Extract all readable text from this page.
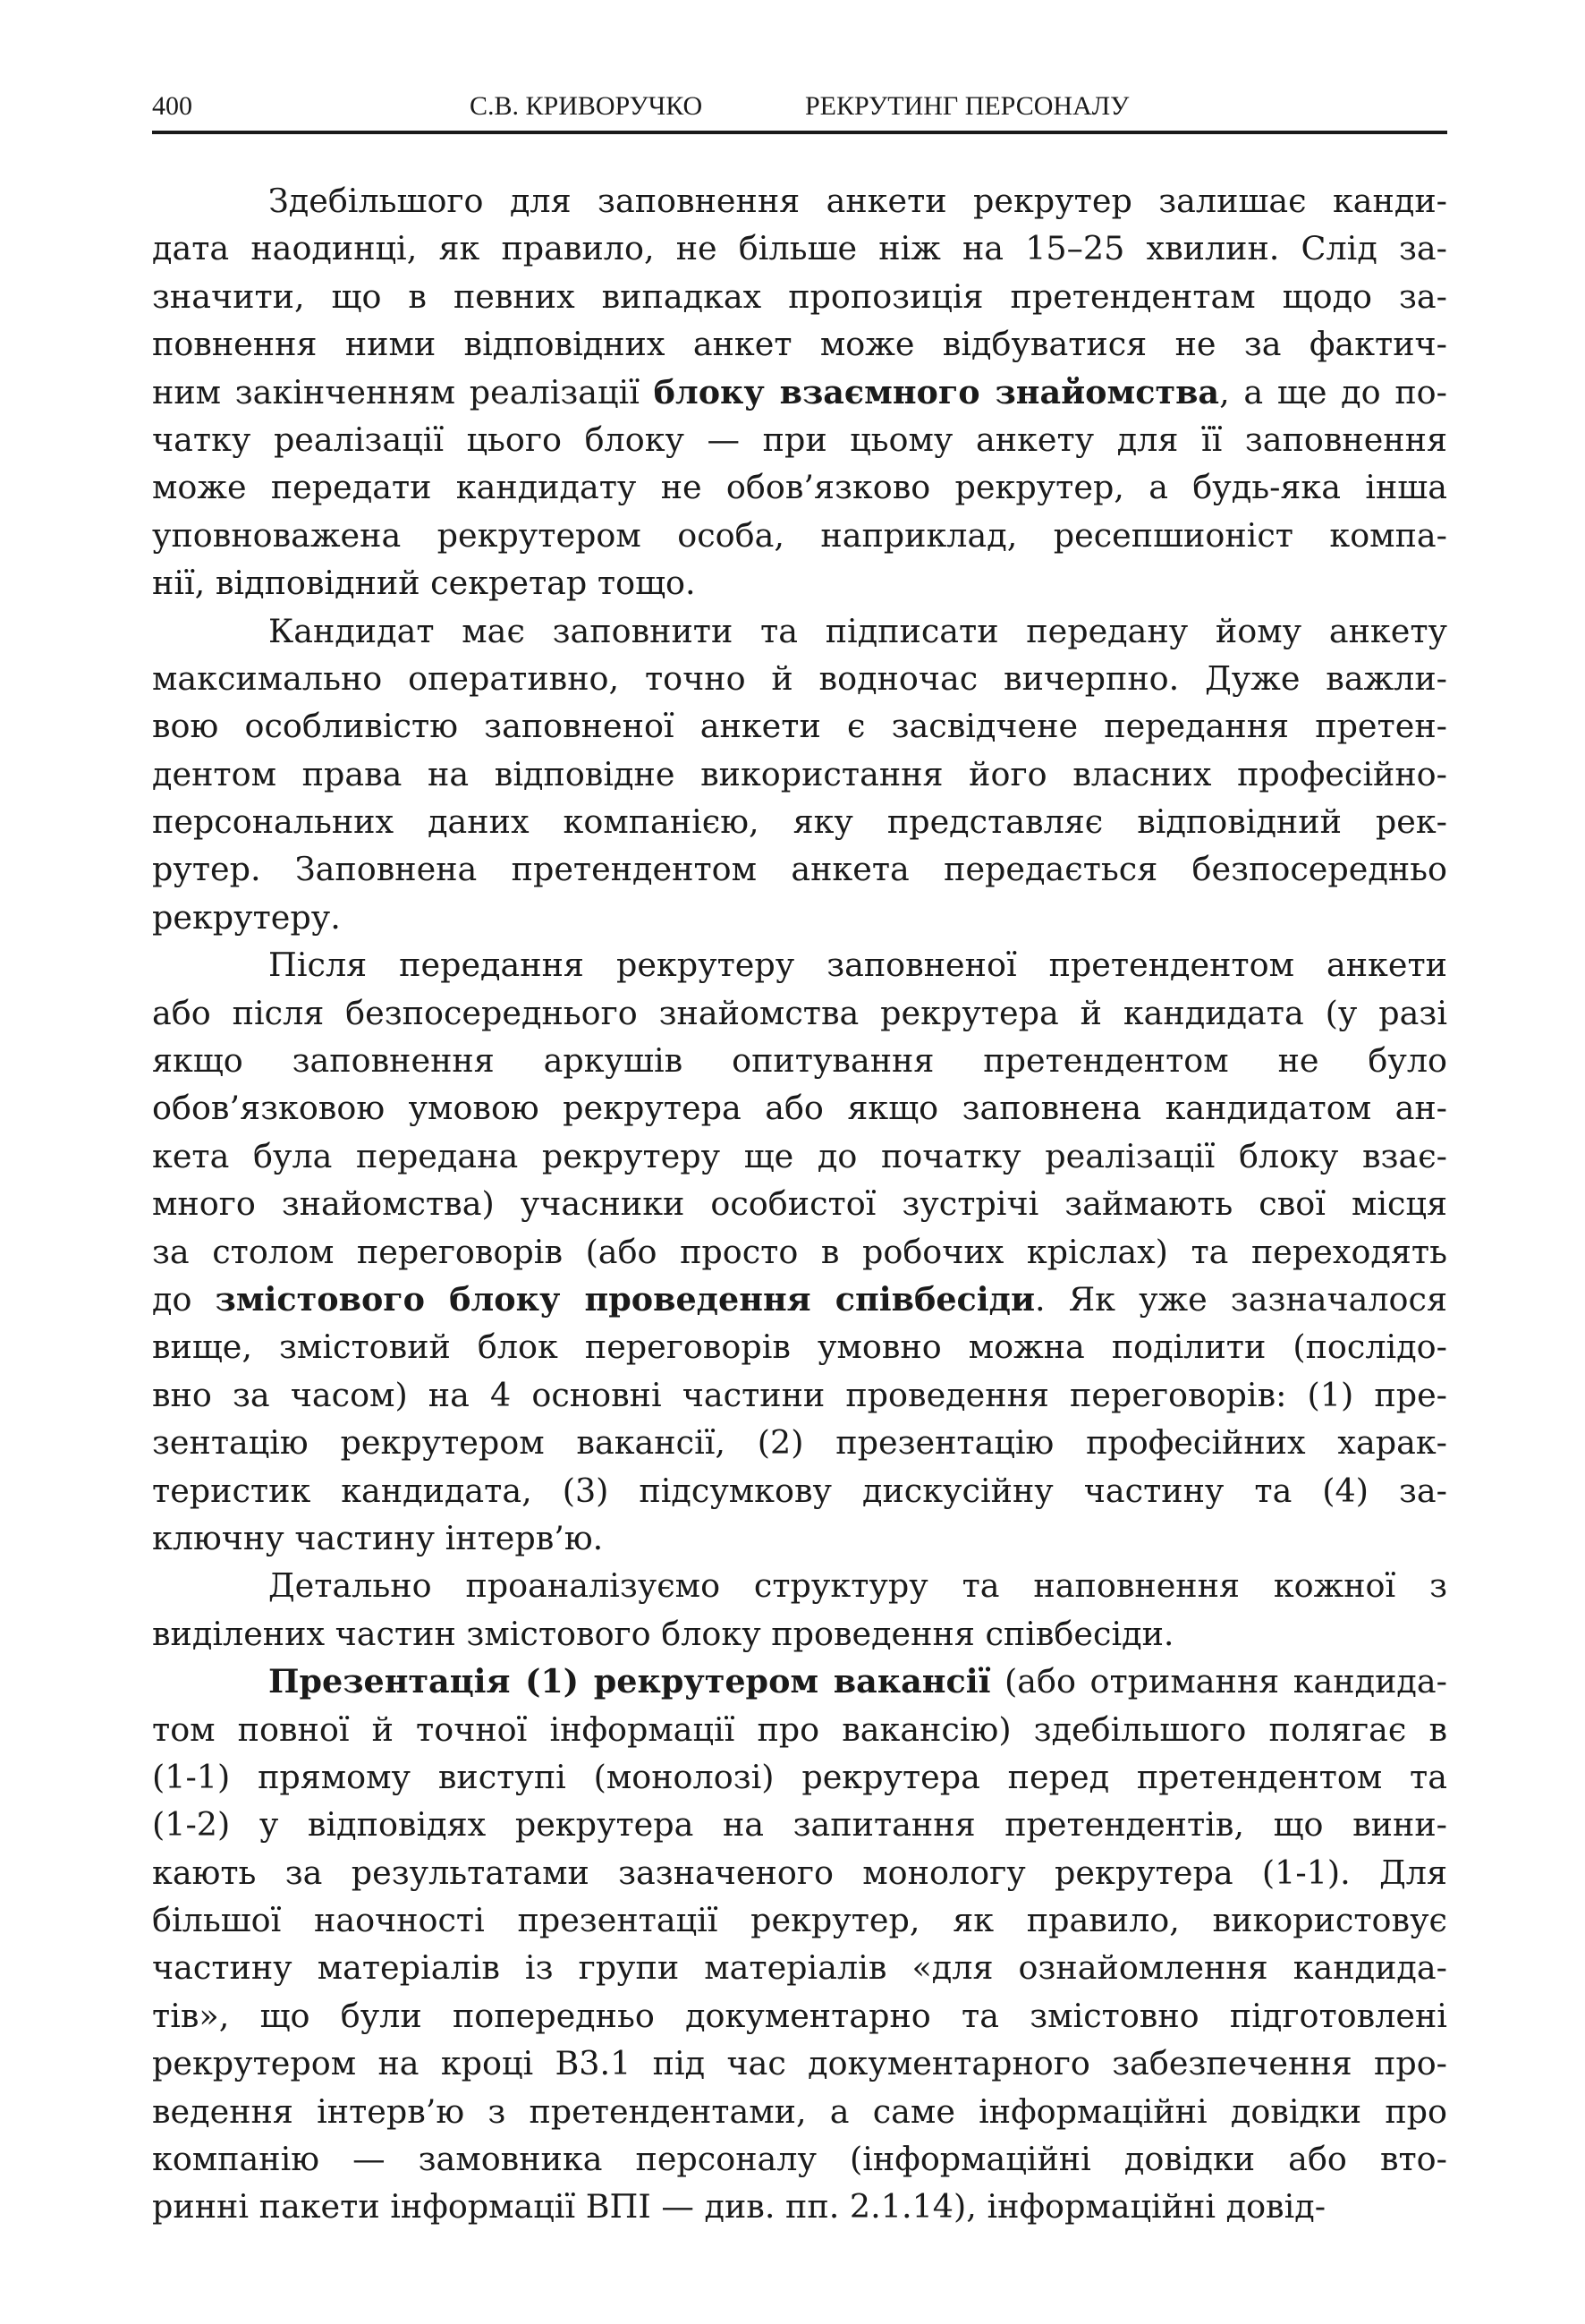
400	С.В. КРИВОРУЧКО	РЕКРУТИНГ ПЕРСОНАЛУ
Здебільшого для заповнення анкети рекрутер залишає канди-
дата наодинці, як правило, не більше ніж на 15–25 хвилин. Слід за-
значити, що в певних випадках пропозиція претендентам щодо за-
повнення ними відповідних анкет може відбуватися не за фактич-
ним закінченням реалізації блоку взаємного знайомства, а ще до по-
чатку реалізації цього блоку — при цьому анкету для її заповнення
може передати кандидату не обов’язково рекрутер, а будь-яка інша
уповноважена рекрутером особа, наприклад, ресепшионіст компа-
нії, відповідний секретар тощо.
Кандидат має заповнити та підписати передану йому анкету
максимально оперативно, точно й водночас вичерпно. Дуже важли-
вою особливістю заповненої анкети є засвідчене передання претен-
дентом права на відповідне використання його власних професійно-
персональних даних компанією, яку представляє відповідний рек-
рутер. Заповнена претендентом анкета передається безпосередньо
рекрутеру.
Після передання рекрутеру заповненої претендентом анкети
або після безпосереднього знайомства рекрутера й кандидата (у разі
якщо заповнення аркушів опитування претендентом не було
обов’язковою умовою рекрутера або якщо заповнена кандидатом ан-
кета була передана рекрутеру ще до початку реалізації блоку взає-
много знайомства) учасники особистої зустрічі займають свої місця
за столом переговорів (або просто в робочих кріслах) та переходять
до змістового блоку проведення співбесіди. Як уже зазначалося
вище, змістовий блок переговорів умовно можна поділити (послідо-
вно за часом) на 4 основні частини проведення переговорів: (1) пре-
зентацію рекрутером вакансії, (2) презентацію професійних харак-
теристик кандидата, (3) підсумкову дискусійну частину та (4) за-
ключну частину інтерв’ю.
Детально проаналізуємо структуру та наповнення кожної з
виділених частин змістового блоку проведення співбесіди.
Презентація (1) рекрутером вакансії (або отримання кандида-
том повної й точної інформації про вакансію) здебільшого полягає в
(1-1) прямому виступі (монолозі) рекрутера перед претендентом та
(1-2) у відповідях рекрутера на запитання претендентів, що вини-
кають за результатами зазначеного монологу рекрутера (1-1). Для
більшої наочності презентації рекрутер, як правило, використовує
частину матеріалів із групи матеріалів «для ознайомлення кандида-
тів», що були попередньо документарно та змістовно підготовлені
рекрутером на кроці В3.1 під час документарного забезпечення про-
ведення інтерв’ю з претендентами, а саме інформаційні довідки про
компанію — замовника персоналу (інформаційні довідки або вто-
ринні пакети інформації ВПІ — див. пп. 2.1.14), інформаційні довід-
